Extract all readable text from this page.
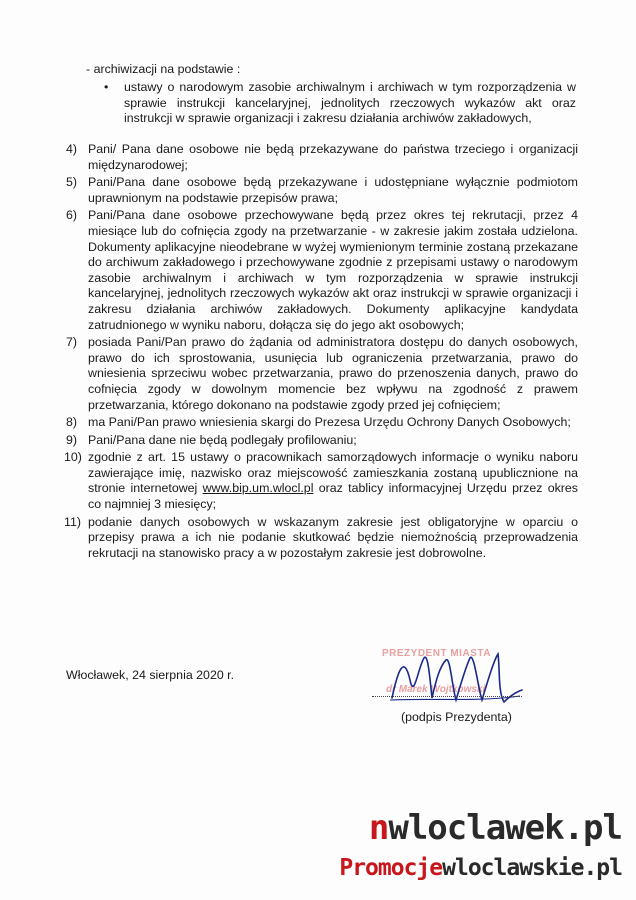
- archiwizacji na podstawie :
• ustawy o narodowym zasobie archiwalnym i archiwach w tym rozporządzenia w sprawie instrukcji kancelaryjnej, jednolitych rzeczowych wykazów akt oraz instrukcji w sprawie organizacji i zakresu działania archiwów zakładowych,
4) Pani/ Pana dane osobowe nie będą przekazywane do państwa trzeciego i organizacji międzynarodowej;
5) Pani/Pana dane osobowe będą przekazywane i udostępniane wyłącznie podmiotom uprawnionym na podstawie przepisów prawa;
6) Pani/Pana dane osobowe przechowywane będą przez okres tej rekrutacji, przez 4 miesiące lub do cofnięcia zgody na przetwarzanie - w zakresie jakim została udzielona. Dokumenty aplikacyjne nieodebrane w wyżej wymienionym terminie zostaną przekazane do archiwum zakładowego i przechowywane zgodnie z przepisami ustawy o narodowym zasobie archiwalnym i archiwach w tym rozporządzenia w sprawie instrukcji kancelaryjnej, jednolitych rzeczowych wykazów akt oraz instrukcji w sprawie organizacji i zakresu działania archiwów zakładowych. Dokumenty aplikacyjne kandydata zatrudnionego w wyniku naboru, dołącza się do jego akt osobowych;
7) posiada Pani/Pan prawo do żądania od administratora dostępu do danych osobowych, prawo do ich sprostowania, usunięcia lub ograniczenia przetwarzania, prawo do wniesienia sprzeciwu wobec przetwarzania, prawo do przenoszenia danych, prawo do cofnięcia zgody w dowolnym momencie bez wpływu na zgodność z prawem przetwarzania, którego dokonano na podstawie zgody przed jej cofnięciem;
8) ma Pani/Pan prawo wniesienia skargi do Prezesa Urzędu Ochrony Danych Osobowych;
9) Pani/Pana dane nie będą podlegały profilowaniu;
10) zgodnie z art. 15 ustawy o pracownikach samorządowych informacje o wyniku naboru zawierające imię, nazwisko oraz miejscowość zamieszkania zostaną upublicznione na stronie internetowej www.bip.um.wlocl.pl oraz tablicy informacyjnej Urzędu przez okres co najmniej 3 miesięcy;
11) podanie danych osobowych w wskazanym zakresie jest obligatoryjne w oparciu o przepisy prawa a ich nie podanie skutkować będzie niemożnością przeprowadzenia rekrutacji na stanowisko pracy a w pozostałym zakresie jest dobrowolne.
Włocławek, 24 sierpnia 2020 r.
PREZYDENT MIASTA
dr Marek Wojtkowski
(podpis Prezydenta)
nwloclawek.pl
Promocjewloclawskie.pl
